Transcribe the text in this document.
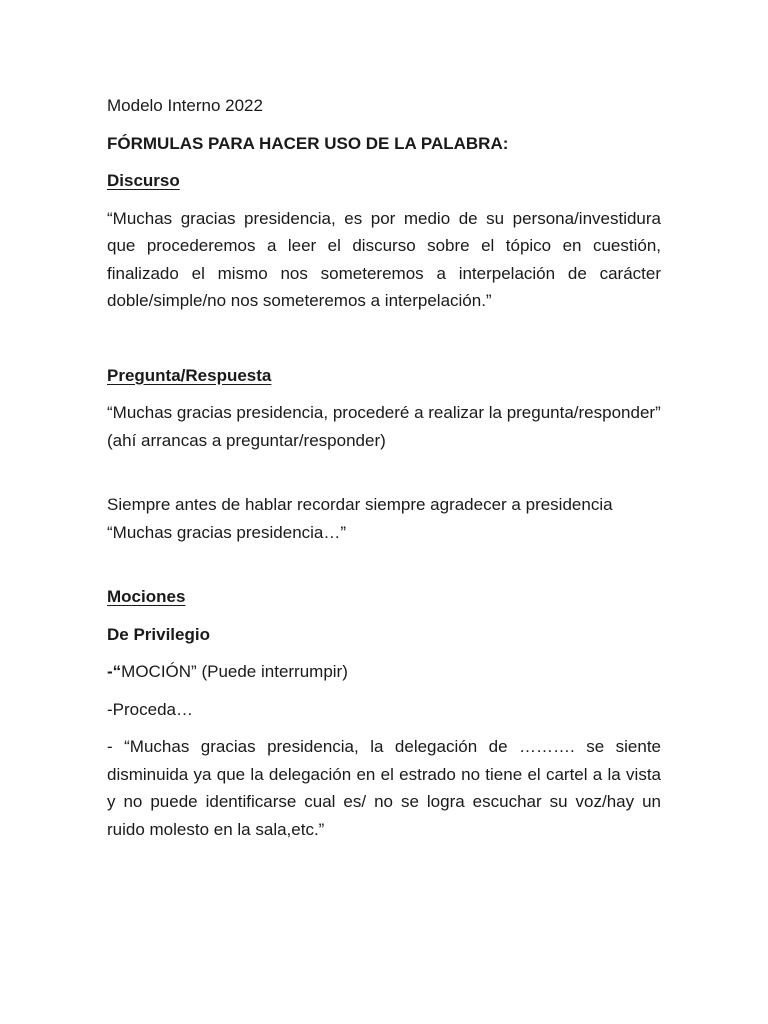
Modelo Interno 2022

FÓRMULAS PARA HACER USO DE LA PALABRA:

Discurso

“Muchas gracias presidencia, es por medio de su persona/investidura que procederemos a leer el discurso sobre el tópico en cuestión, finalizado el mismo nos someteremos a interpelación de carácter doble/simple/no nos someteremos a interpelación.”

Pregunta/Respuesta

“Muchas gracias presidencia, procederé a realizar la pregunta/responder”

(ahí arrancas a preguntar/responder)

Siempre antes de hablar recordar siempre agradecer a presidencia

“Muchas gracias presidencia…”

Mociones

De Privilegio

-“MOCIÓN” (Puede interrumpir)

-Proceda…

- “Muchas gracias presidencia, la delegación de ………. se siente disminuida ya que la delegación en el estrado no tiene el cartel a la vista y no puede identificarse cual es/ no se logra escuchar su voz/hay un ruido molesto en la sala,etc.”
